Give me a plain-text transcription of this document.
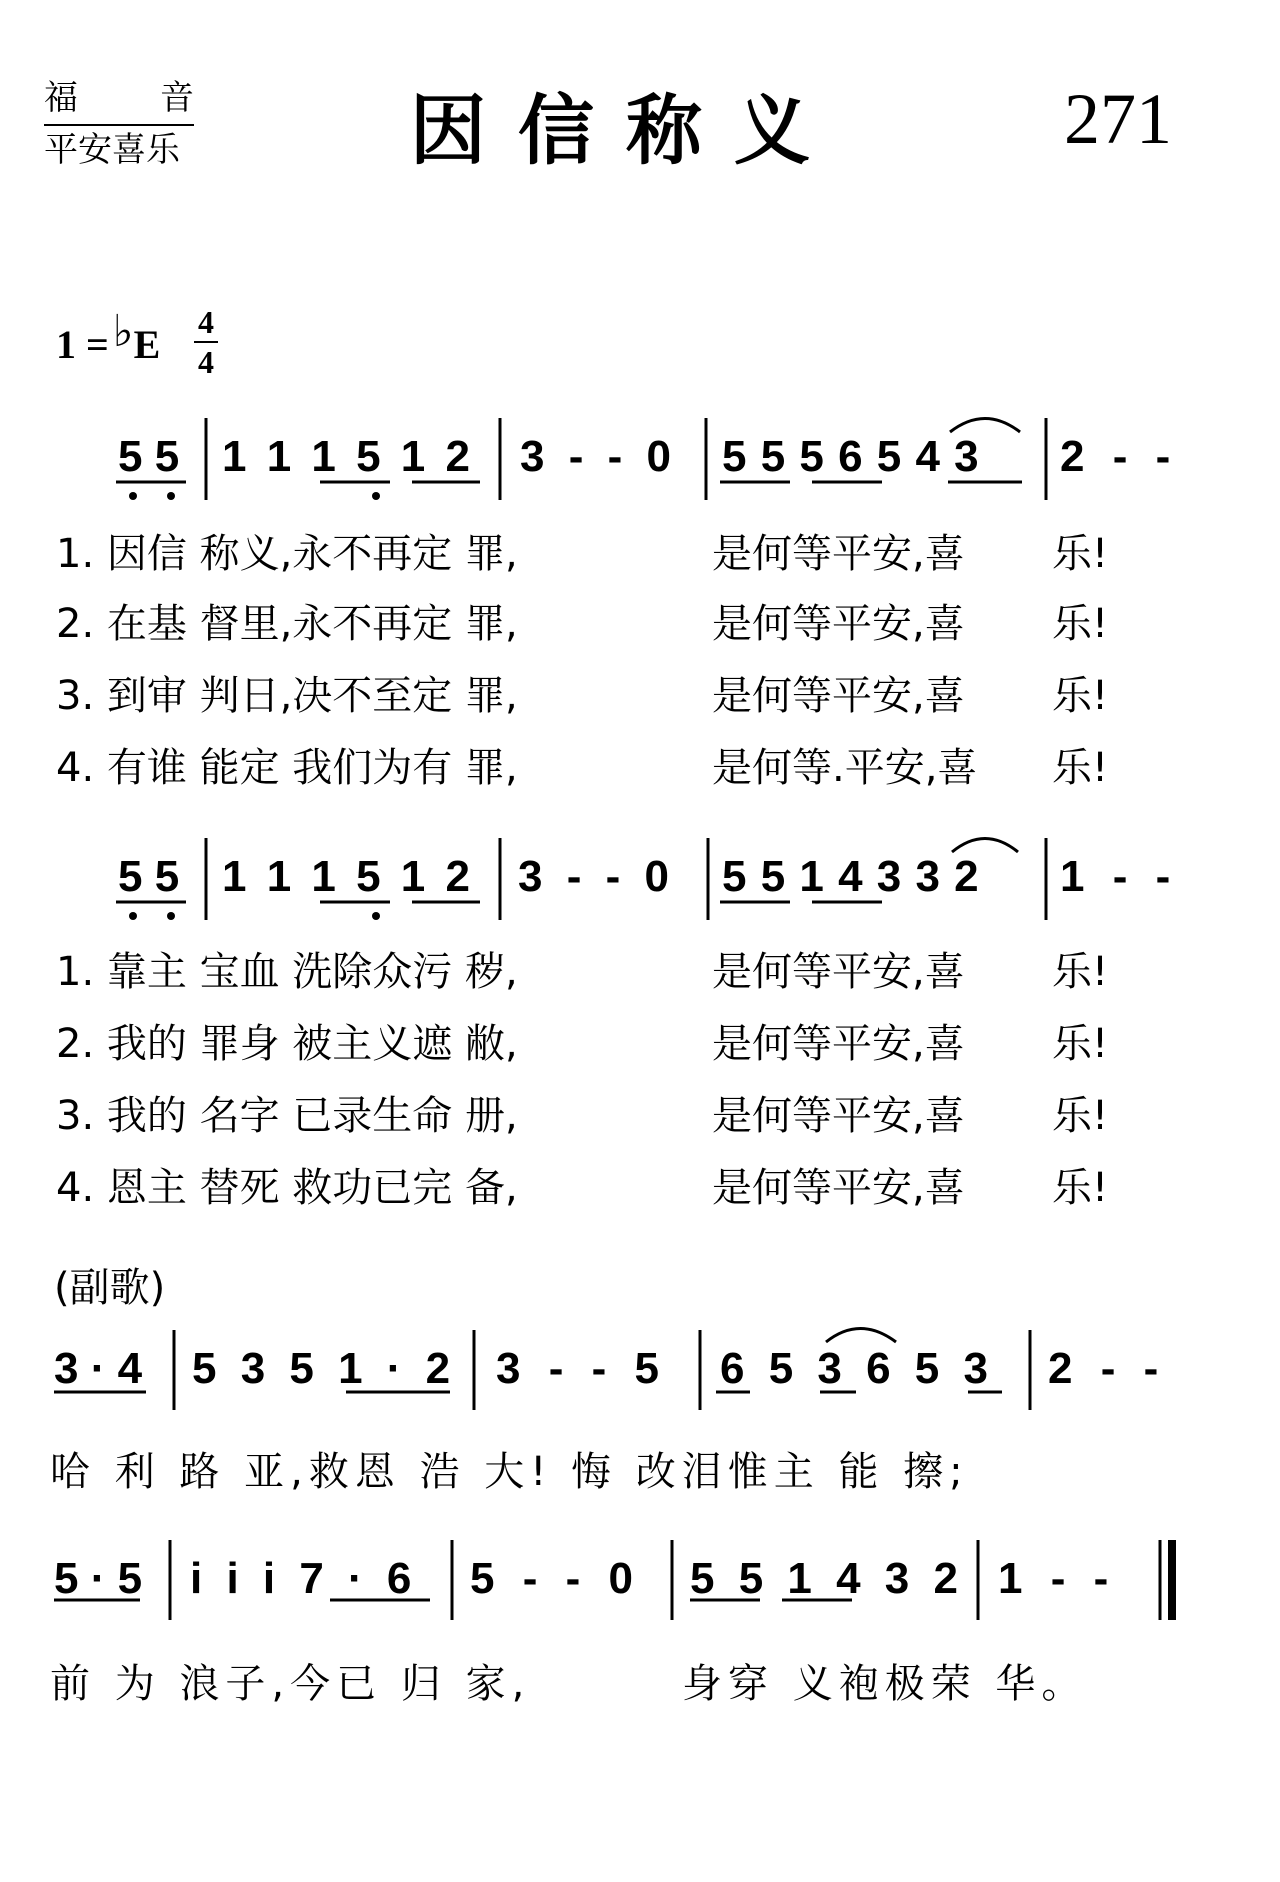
福 音
平安喜乐	因信称义	271
1 =♭E 4
4
5 5 1 1 1 5 1 2 3 - - 0 5 5 5 6 5 4 3 2 - -
1. 因信 称义,永不再定 罪,	是何等平安,喜 乐!
2. 在基 督里,永不再定 罪,	是何等平安,喜 乐!
3. 到审 判日,决不至定 罪,	是何等平安,喜 乐!
4. 有谁 能定 我们为有 罪,	是何等.平安,喜 乐!
5 5 1 1 1 5 1 2 3 - - 0 5 5 1 4 3 3 2 1 - -
1. 靠主 宝血 洗除众污 秽,	是何等平安,喜 乐!
2. 我的 罪身 被主义遮 敝,	是何等平安,喜 乐!
3. 我的 名字 已录生命 册,	是何等平安,喜 乐!
4. 恩主 替死 救功已完 备,	是何等平安,喜 乐!
(副歌)
3 · 4 5 3 5 1 · 2 3 - - 5 6 5 3 6 5 3 2 - -
哈 利 路 亚,救恩 浩 大! 悔 改泪惟主 能 擦;
5 · 5 i i i 7 · 6 5 - - 0 5 5 1 4 3 2 1 - -
前 为 浪子,今已 归 家,	身穿 义袍极荣 华。
